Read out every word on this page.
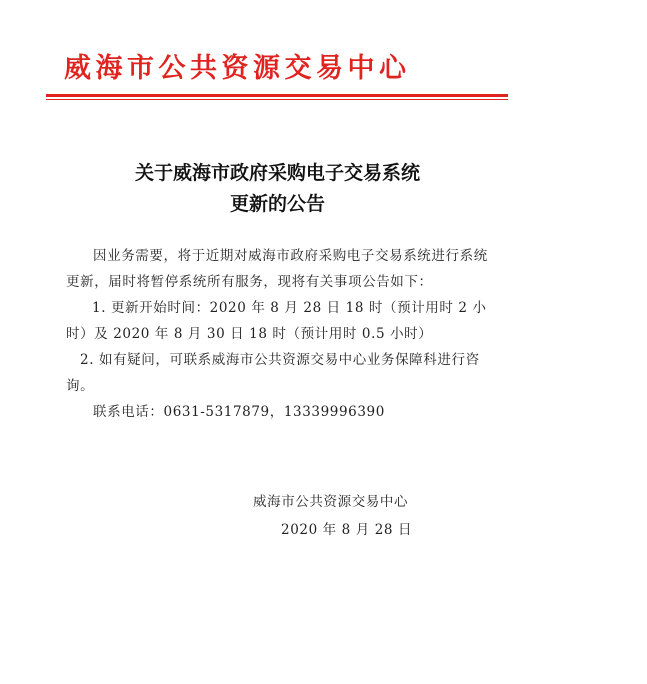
威海市公共资源交易中心
关于威海市政府采购电子交易系统
更新的公告

因业务需要，将于近期对威海市政府采购电子交易系统进行系统更新，届时将暂停系统所有服务，现将有关事项公告如下：

1. 更新开始时间：2020 年 8 月 28 日 18 时（预计用时 2 小时）及 2020 年 8 月 30 日 18 时（预计用时 0.5 小时）

2. 如有疑问，可联系威海市公共资源交易中心业务保障科进行咨询。

联系电话：0631-5317879，13339996390

威海市公共资源交易中心
2020 年 8 月 28 日
